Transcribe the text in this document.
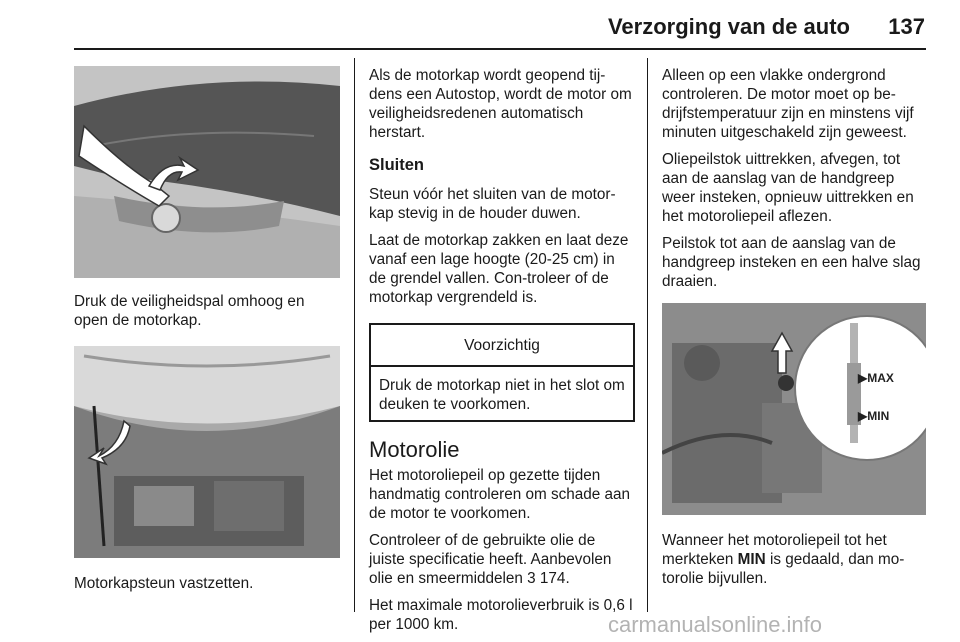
Verzorging van de auto	137

Druk de veiligheidspal omhoog en open de motorkap.

Motorkapsteun vastzetten.

Als de motorkap wordt geopend tij-dens een Autostop, wordt de motor om veiligheidsredenen automatisch herstart.

Sluiten

Steun vóór het sluiten van de motor-kap stevig in de houder duwen.

Laat de motorkap zakken en laat deze vanaf een lage hoogte (20-25 cm) in de grendel vallen. Con-troleer of de motorkap vergrendeld is.

Voorzichtig
Druk de motorkap niet in het slot om deuken te voorkomen.
Motorolie

Het motoroliepeil op gezette tijden handmatig controleren om schade aan de motor te voorkomen.

Controleer of de gebruikte olie de juiste specificatie heeft. Aanbevolen olie en smeermiddelen 3 174.

Het maximale motorolieverbruik is 0,6 l per 1000 km.

Alleen op een vlakke ondergrond controleren. De motor moet op be-drijfstemperatuur zijn en minstens vijf minuten uitgeschakeld zijn geweest.

Oliepeilstok uittrekken, afvegen, tot aan de aanslag van de handgreep weer insteken, opnieuw uittrekken en het motoroliepeil aflezen.

Peilstok tot aan de aanslag van de handgreep insteken en een halve slag draaien.

▶MAX
▶MIN

Wanneer het motoroliepeil tot het merkteken MIN is gedaald, dan mo-torolie bijvullen.

carmanualsonline.info
